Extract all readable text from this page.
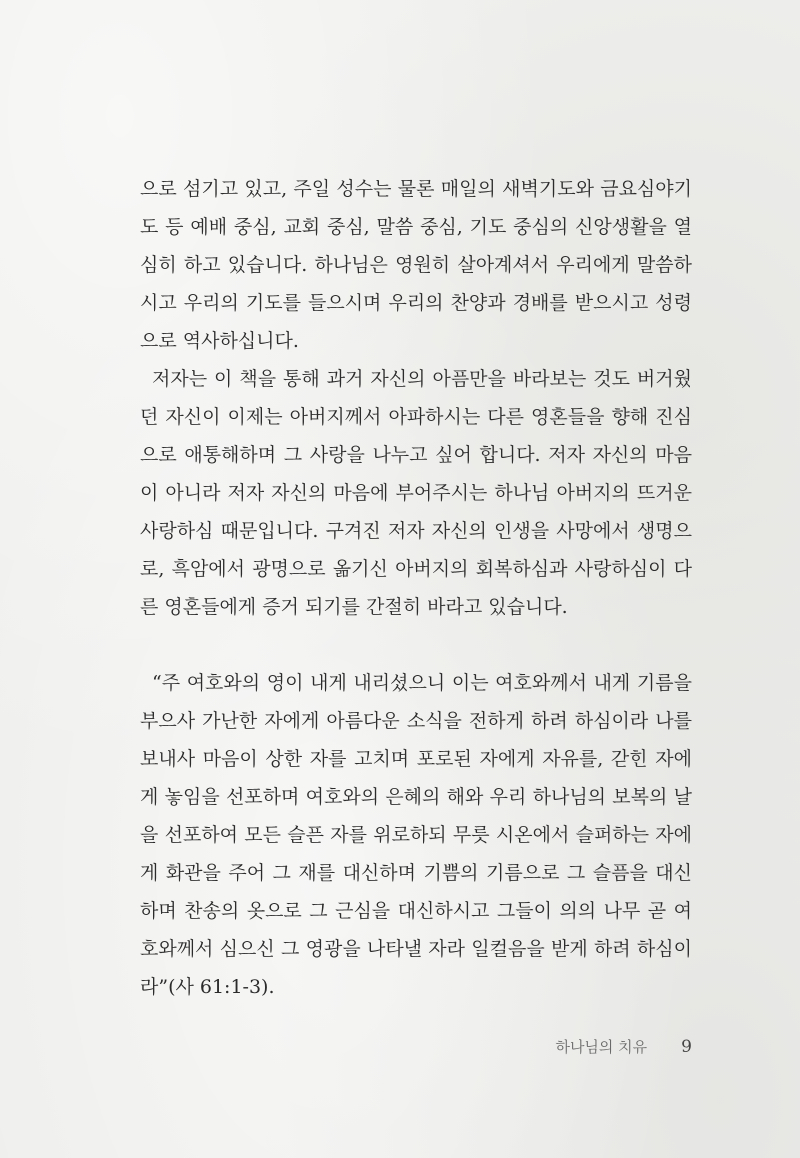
으로 섬기고 있고, 주일 성수는 물론 매일의 새벽기도와 금요심야기
도 등 예배 중심, 교회 중심, 말씀 중심, 기도 중심의 신앙생활을 열
심히 하고 있습니다. 하나님은 영원히 살아계셔서 우리에게 말씀하
시고 우리의 기도를 들으시며 우리의 찬양과 경배를 받으시고 성령
으로 역사하십니다.
저자는 이 책을 통해 과거 자신의 아픔만을 바라보는 것도 버거웠
던 자신이 이제는 아버지께서 아파하시는 다른 영혼들을 향해 진심
으로 애통해하며 그 사랑을 나누고 싶어 합니다. 저자 자신의 마음
이 아니라 저자 자신의 마음에 부어주시는 하나님 아버지의 뜨거운
사랑하심 때문입니다. 구겨진 저자 자신의 인생을 사망에서 생명으
로, 흑암에서 광명으로 옮기신 아버지의 회복하심과 사랑하심이 다
른 영혼들에게 증거 되기를 간절히 바라고 있습니다.
“주 여호와의 영이 내게 내리셨으니 이는 여호와께서 내게 기름을
부으사 가난한 자에게 아름다운 소식을 전하게 하려 하심이라 나를
보내사 마음이 상한 자를 고치며 포로된 자에게 자유를, 갇힌 자에
게 놓임을 선포하며 여호와의 은혜의 해와 우리 하나님의 보복의 날
을 선포하여 모든 슬픈 자를 위로하되 무릇 시온에서 슬퍼하는 자에
게 화관을 주어 그 재를 대신하며 기쁨의 기름으로 그 슬픔을 대신
하며 찬송의 옷으로 그 근심을 대신하시고 그들이 의의 나무 곧 여
호와께서 심으신 그 영광을 나타낼 자라 일컬음을 받게 하려 하심이
라”(사 61:1-3).
하나님의 치유 9
